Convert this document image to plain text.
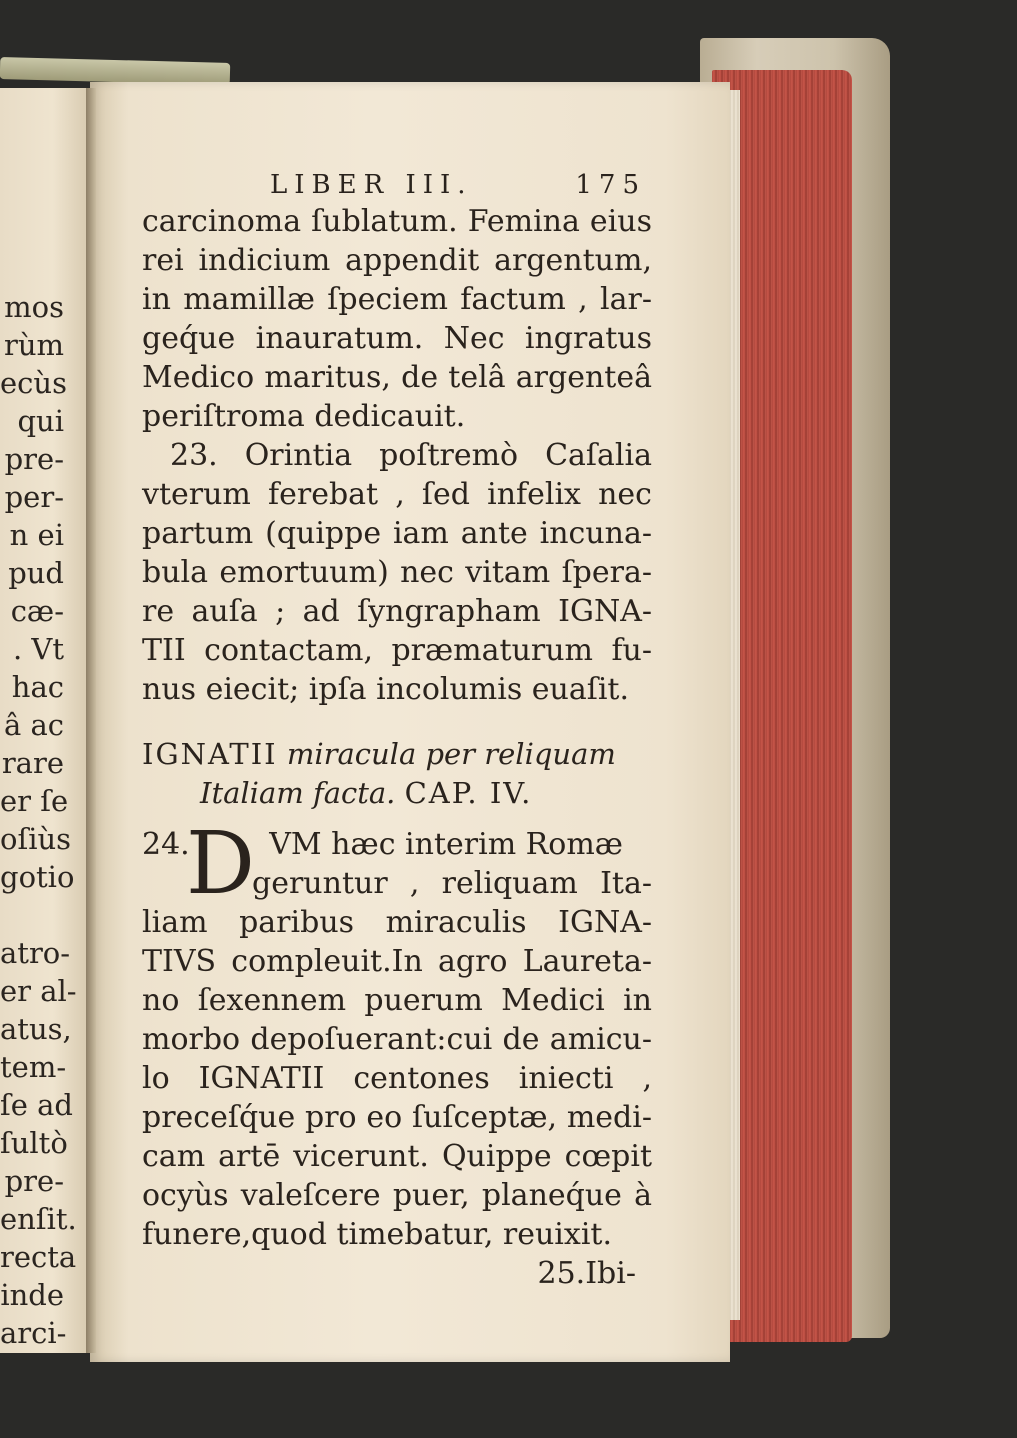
mos
rùm
ecùs
qui
pre-
per-
n ei
pud
cæ-
. Vt
hac
â ac
rare
er ſe
oſiùs
gotio
atro-
er al-
atus,
tem-
ſe ad
ſultò
pre-
enſit.
recta
inde
arci-
LIBER III.	175
carcinoma ſublatum. Femina eius
rei indicium appendit argentum,
in mamillæ ſpeciem factum , lar-
geq́ue inauratum. Nec ingratus
Medico maritus, de telâ argenteâ
periſtroma dedicauit.
23. Orintia poſtremò Caſalia
vterum ferebat , ſed infelix nec
partum (quippe iam ante incuna-
bula emortuum) nec vitam ſpera-
re auſa ; ad ſyngrapham IGNA-
TII contactam, præmaturum fu-
nus eiecit; ipſa incolumis euaſit.
IGNATII miracula per reliquam
Italiam facta. CAP. IV.
D
24.	VM hæc interim Romæ
geruntur , reliquam Ita-
liam paribus miraculis IGNA-
TIVS compleuit.In agro Laureta-
no ſexennem puerum Medici in
morbo depoſuerant:cui de amicu-
lo IGNATII centones iniecti ,
preceſq́ue pro eo ſuſceptæ, medi-
cam artē vicerunt. Quippe cœpit
ocyùs valeſcere puer, planeq́ue à
funere,quod timebatur, reuixit.
25.Ibi-
